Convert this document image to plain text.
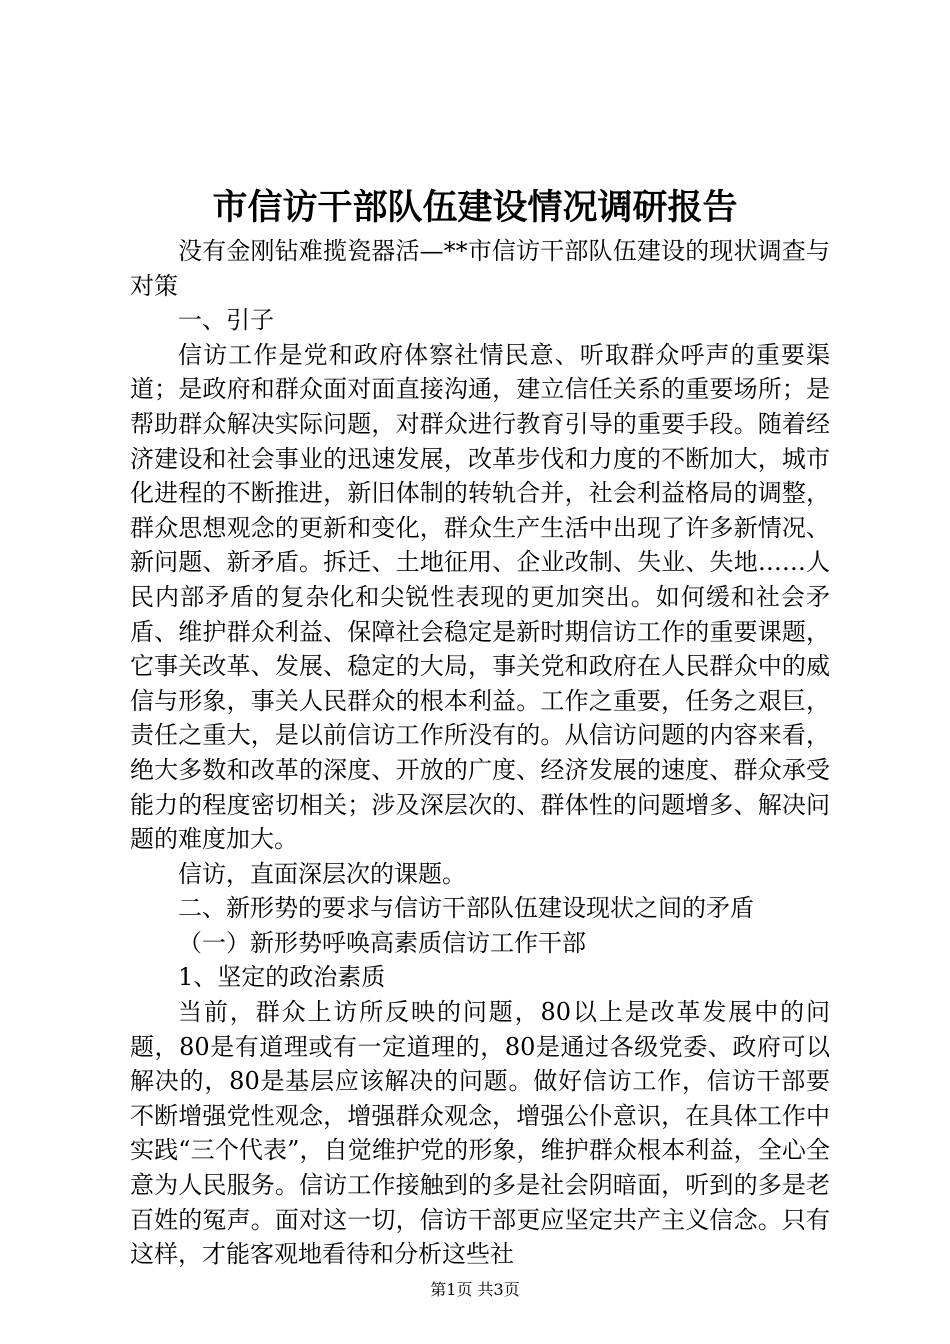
市信访干部队伍建设情况调研报告

没有金刚钻难揽瓷器活—**市信访干部队伍建设的现状调查与对策

一、引子

信访工作是党和政府体察社情民意、听取群众呼声的重要渠道；是政府和群众面对面直接沟通，建立信任关系的重要场所；是帮助群众解决实际问题，对群众进行教育引导的重要手段。随着经济建设和社会事业的迅速发展，改革步伐和力度的不断加大，城市化进程的不断推进，新旧体制的转轨合并，社会利益格局的调整，群众思想观念的更新和变化，群众生产生活中出现了许多新情况、新问题、新矛盾。拆迁、土地征用、企业改制、失业、失地……人民内部矛盾的复杂化和尖锐性表现的更加突出。如何缓和社会矛盾、维护群众利益、保障社会稳定是新时期信访工作的重要课题，它事关改革、发展、稳定的大局，事关党和政府在人民群众中的威信与形象，事关人民群众的根本利益。工作之重要，任务之艰巨，责任之重大，是以前信访工作所没有的。从信访问题的内容来看，绝大多数和改革的深度、开放的广度、经济发展的速度、群众承受能力的程度密切相关；涉及深层次的、群体性的问题增多、解决问题的难度加大。

信访，直面深层次的课题。

二、新形势的要求与信访干部队伍建设现状之间的矛盾

（一）新形势呼唤高素质信访工作干部

1、坚定的政治素质

当前，群众上访所反映的问题，80以上是改革发展中的问题，80是有道理或有一定道理的，80是通过各级党委、政府可以解决的，80是基层应该解决的问题。做好信访工作，信访干部要不断增强党性观念，增强群众观念，增强公仆意识，在具体工作中实践“三个代表”，自觉维护党的形象，维护群众根本利益，全心全意为人民服务。信访工作接触到的多是社会阴暗面，听到的多是老百姓的冤声。面对这一切，信访干部更应坚定共产主义信念。只有这样，才能客观地看待和分析这些社

第1页 共3页
